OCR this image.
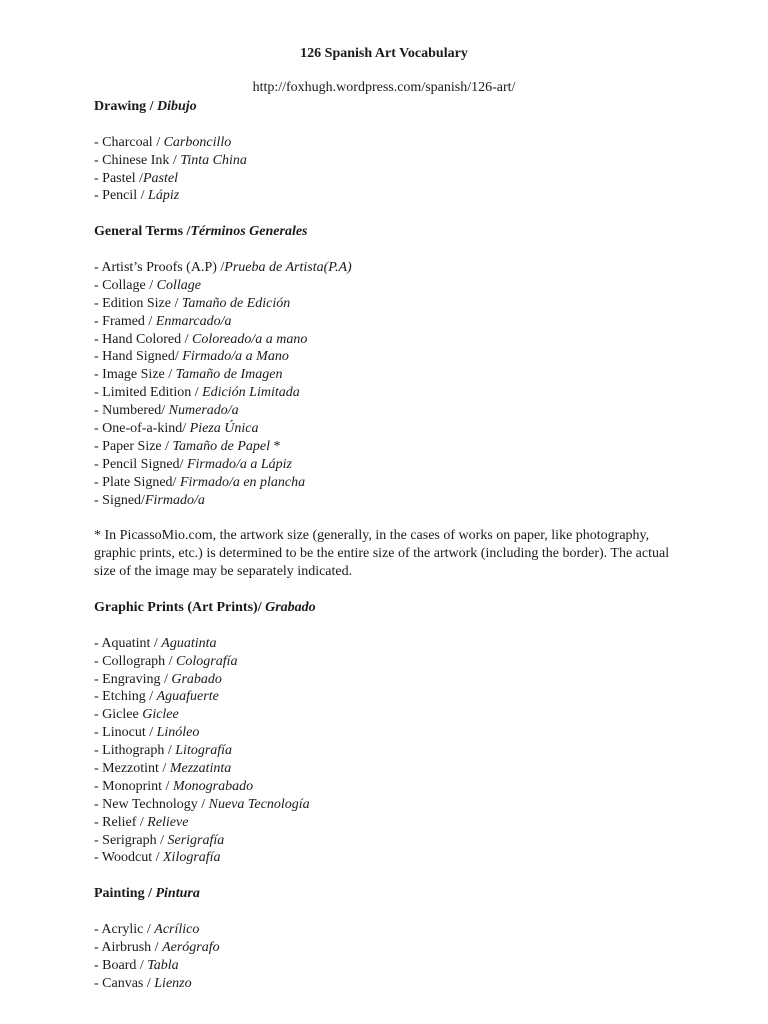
126 Spanish Art Vocabulary
http://foxhugh.wordpress.com/spanish/126-art/
Drawing / Dibujo
- Charcoal / Carboncillo
- Chinese Ink / Tinta China
- Pastel /Pastel
- Pencil / Lápiz
General Terms /Términos Generales
- Artist’s Proofs (A.P) /Prueba de Artista(P.A)
- Collage / Collage
- Edition Size / Tamaño de Edición
- Framed / Enmarcado/a
- Hand Colored / Coloreado/a a mano
- Hand Signed/ Firmado/a a Mano
- Image Size / Tamaño de Imagen
- Limited Edition / Edición Limitada
- Numbered/ Numerado/a
- One-of-a-kind/ Pieza Única
- Paper Size / Tamaño de Papel *
- Pencil Signed/ Firmado/a a Lápiz
- Plate Signed/ Firmado/a en plancha
- Signed/Firmado/a
* In PicassoMio.com, the artwork size (generally, in the cases of works on paper, like photography, graphic prints, etc.) is determined to be the entire size of the artwork (including the border). The actual size of the image may be separately indicated.
Graphic Prints (Art Prints)/ Grabado
- Aquatint / Aguatinta
- Collograph / Colografía
- Engraving / Grabado
- Etching / Aguafuerte
- Giclee Giclee
- Linocut / Linóleo
- Lithograph / Litografía
- Mezzotint / Mezzatinta
- Monoprint / Monograbado
- New Technology / Nueva Tecnología
- Relief / Relieve
- Serigraph / Serigrafía
- Woodcut / Xilografía
Painting / Pintura
- Acrylic / Acrílico
- Airbrush / Aerógrafo
- Board / Tabla
- Canvas / Lienzo
